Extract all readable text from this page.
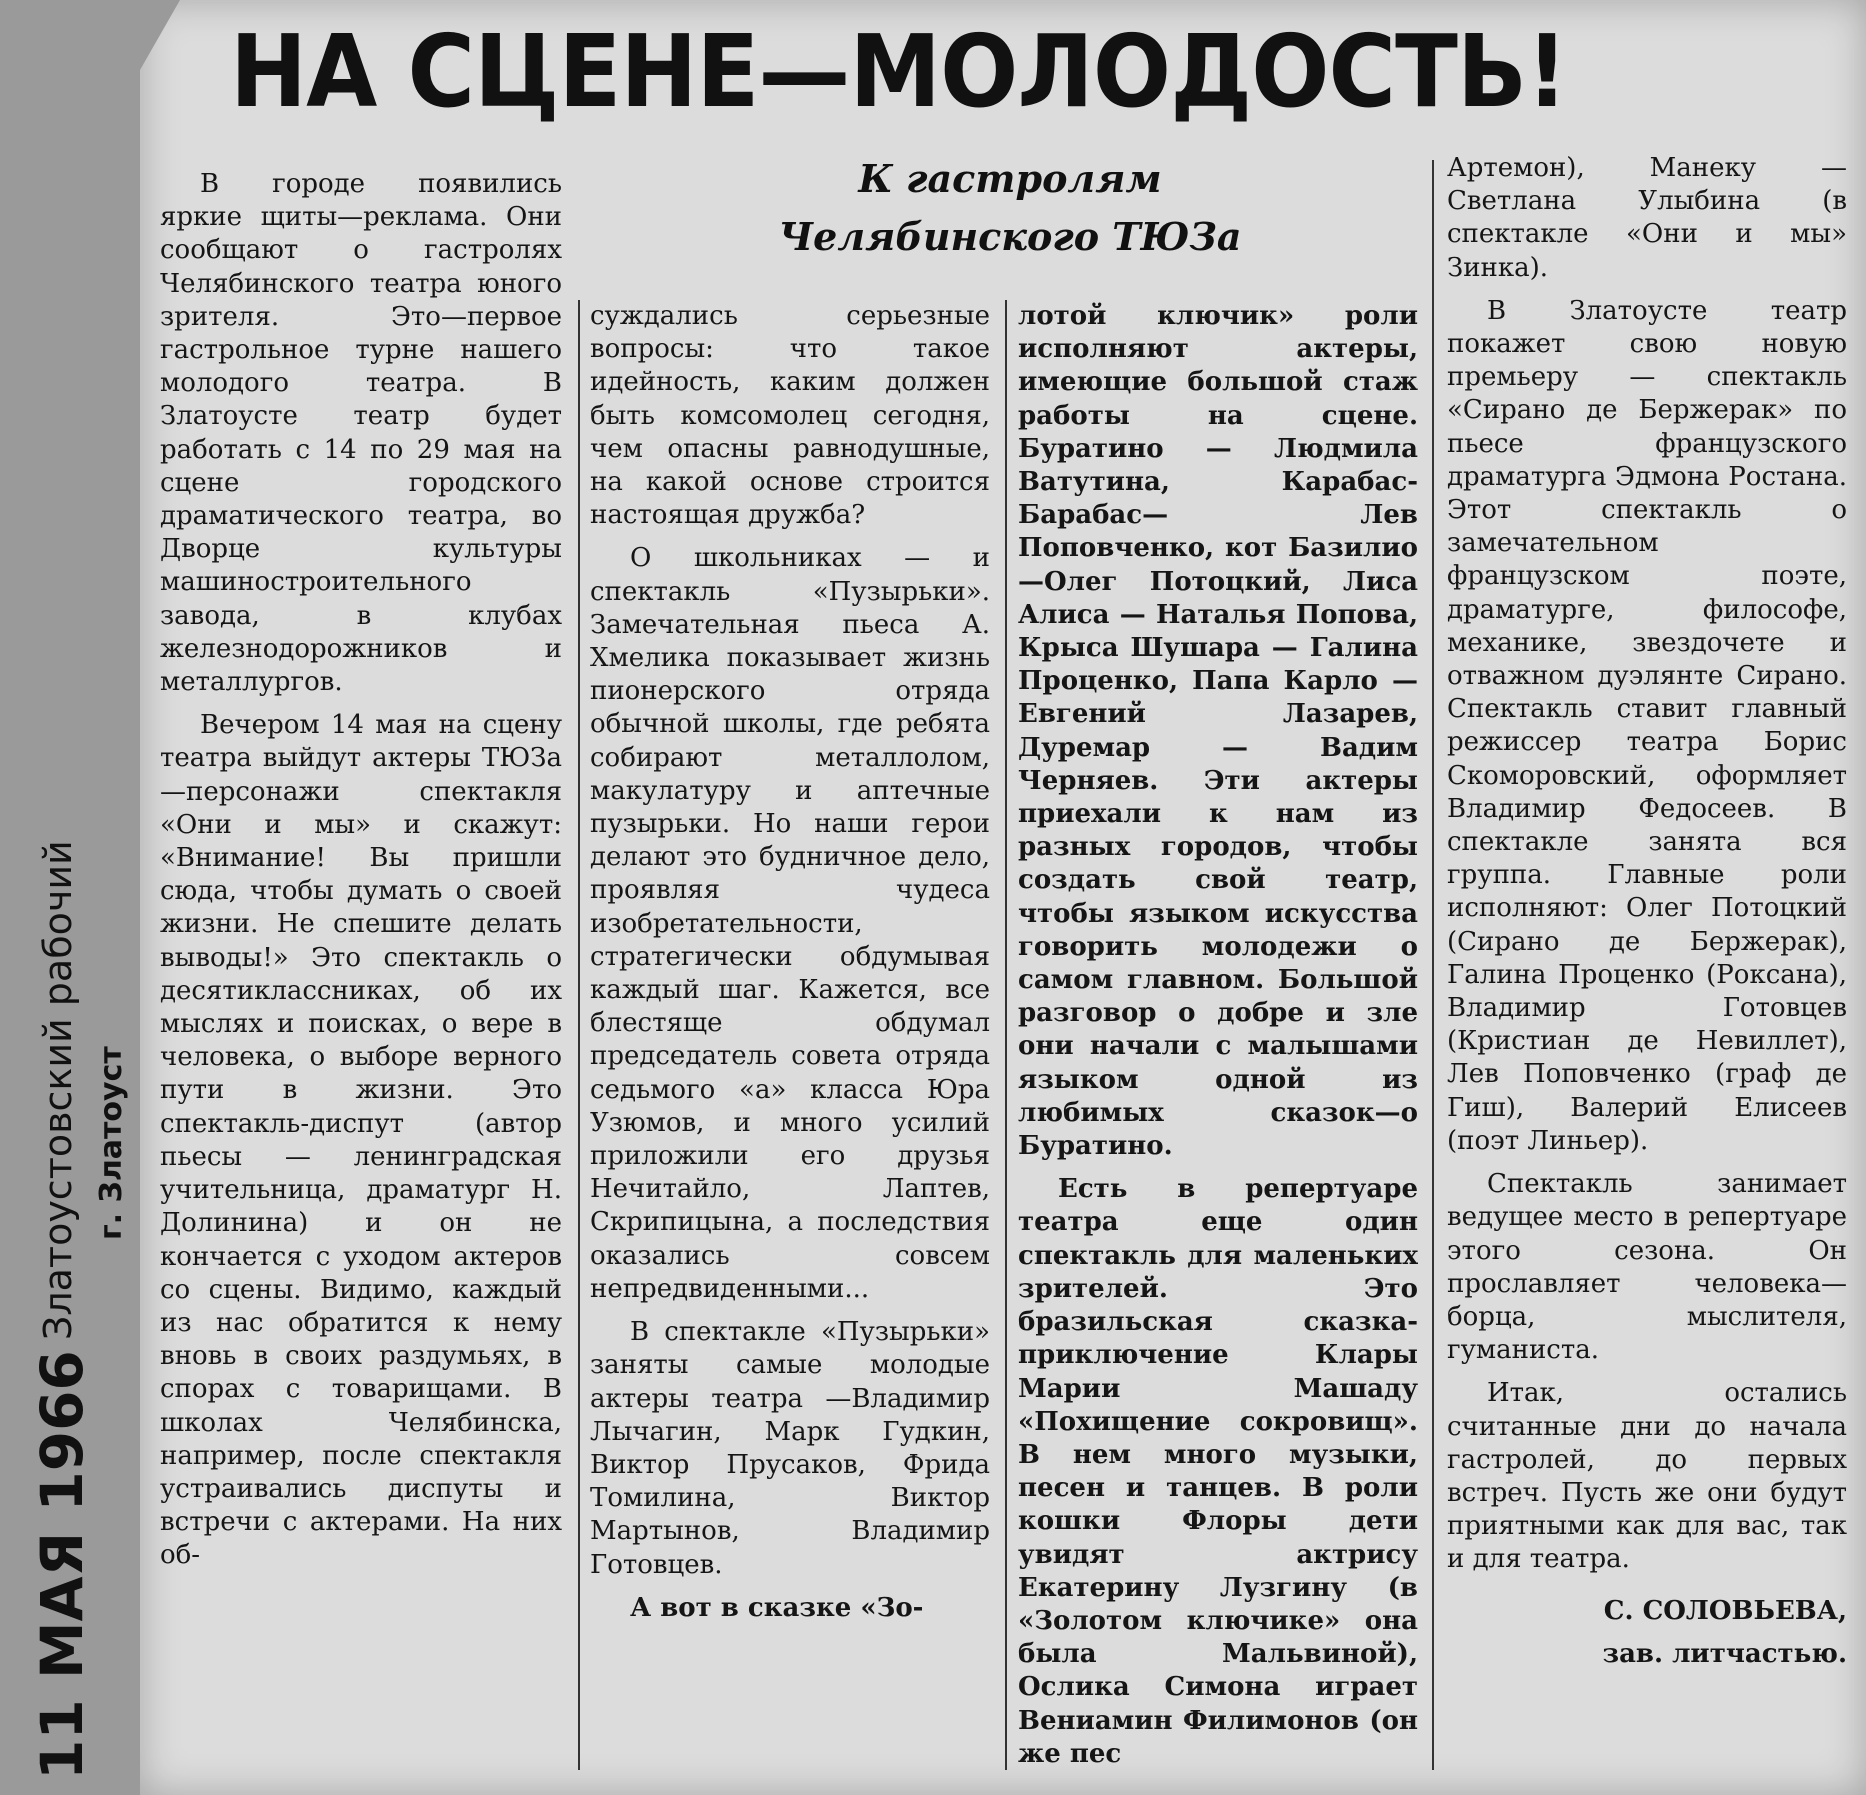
НА СЦЕНЕ—МОЛОДОСТЬ!
К гастролям
Челябинского ТЮЗа
11 МАЯ 1966
Златоустовский рабочий г. Златоуст

В городе появились яркие щиты—реклама. Они сообщают о гастролях Челябинского театра юного зрителя. Это—первое гастрольное турне нашего молодого театра. В Златоусте театр будет работать с 14 по 29 мая на сцене городского драматического театра, во Дворце культуры машиностроительного завода, в клубах железнодорожников и металлургов.

Вечером 14 мая на сцену театра выйдут актеры ТЮЗа—персонажи спектакля «Они и мы» и скажут: «Внимание! Вы пришли сюда, чтобы думать о своей жизни. Не спешите делать выводы!» Это спектакль о десятиклассниках, об их мыслях и поисках, о вере в человека, о выборе верного пути в жизни. Это спектакль-диспут (автор пьесы — ленинградская учительница, драматург Н. Долинина) и он не кончается с уходом актеров со сцены. Видимо, каждый из нас обратится к нему вновь в своих раздумьях, в спорах с товарищами. В школах Челябинска, например, после спектакля устраивались диспуты и встречи с актерами. На них об-

суждались серьезные вопросы: что такое идейность, каким должен быть комсомолец сегодня, чем опасны равнодушные, на какой основе строится настоящая дружба?

О школьниках — и спектакль «Пузырьки». Замечательная пьеса А. Хмелика показывает жизнь пионерского отряда обычной школы, где ребята собирают металлолом, макулатуру и аптечные пузырьки. Но наши герои делают это будничное дело, проявляя чудеса изобретательности, стратегически обдумывая каждый шаг. Кажется, все блестяще обдумал председатель совета отряда седьмого «а» класса Юра Узюмов, и много усилий приложили его друзья Нечитайло, Лаптев, Скрипицына, а последствия оказались совсем непредвиденными...

В спектакле «Пузырьки» заняты самые молодые актеры театра —Владимир Лычагин, Марк Гудкин, Виктор Прусаков, Фрида Томилина, Виктор Мартынов, Владимир Готовцев.

А вот в сказке «Зо-

лотой ключик» роли исполняют актеры, имеющие большой стаж работы на сцене. Буратино — Людмила Ватутина, Карабас-Барабас— Лев Поповченко, кот Базилио—Олег Потоцкий, Лиса Алиса — Наталья Попова, Крыса Шушара — Галина Проценко, Папа Карло — Евгений Лазарев, Дуремар — Вадим Черняев. Эти актеры приехали к нам из разных городов, чтобы создать свой театр, чтобы языком искусства говорить молодежи о самом главном. Большой разговор о добре и зле они начали с малышами языком одной из любимых сказок—о Буратино.

Есть в репертуаре театра еще один спектакль для маленьких зрителей. Это бразильская сказка-приключение Клары Марии Машаду «Похищение сокровищ». В нем много музыки, песен и танцев. В роли кошки Флоры дети увидят актрису Екатерину Лузгину (в «Золотом ключике» она была Мальвиной), Ослика Симона играет Вениамин Филимонов (он же пес

Артемон), Манеку — Светлана Улыбина (в спектакле «Они и мы» Зинка).

В Златоусте театр покажет свою новую премьеру — спектакль «Сирано де Бержерак» по пьесе французского драматурга Эдмона Ростана. Этот спектакль о замечательном французском поэте, драматурге, философе, механике, звездочете и отважном дуэлянте Сирано. Спектакль ставит главный режиссер театра Борис Скоморовский, оформляет Владимир Федосеев. В спектакле занята вся группа. Главные роли исполняют: Олег Потоцкий (Сирано де Бержерак), Галина Проценко (Роксана), Владимир Готовцев (Кристиан де Невиллет), Лев Поповченко (граф де Гиш), Валерий Елисеев (поэт Линьер).

Спектакль занимает ведущее место в репертуаре этого сезона. Он прославляет человека—борца, мыслителя, гуманиста.

Итак, остались считанные дни до начала гастролей, до первых встреч. Пусть же они будут приятными как для вас, так и для театра.

С. СОЛОВЬЕВА,

зав. литчастью.
